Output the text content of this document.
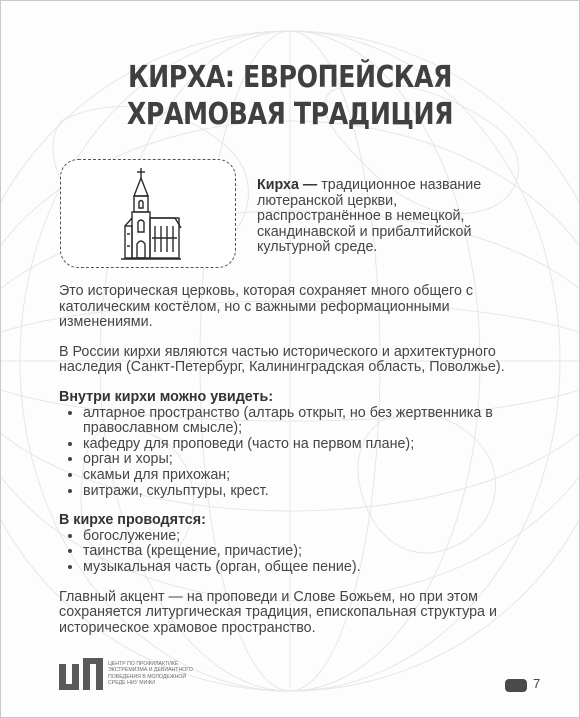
КИРХА: ЕВРОПЕЙСКАЯ ХРАМОВАЯ ТРАДИЦИЯ
Кирха — традиционное название лютеранской церкви, распространённое в немецкой, скандинавской и прибалтийской культурной среде.

Это историческая церковь, которая сохраняет много общего с католическим костёлом, но с важными реформационными изменениями.

В России кирхи являются частью исторического и архитектурного наследия (Санкт-Петербург, Калининградская область, Поволжье).

Внутри кирхи можно увидеть:

• алтарное пространство (алтарь открыт, но без жертвенника в православном смысле);
• кафедру для проповеди (часто на первом плане);
• орган и хоры;
• скамьи для прихожан;
• витражи, скульптуры, крест.

В кирхе проводятся:

• богослужение;
• таинства (крещение, причастие);
• музыкальная часть (орган, общее пение).

Главный акцент — на проповеди и Слове Божьем, но при этом сохраняется литургическая традиция, епископальная структура и историческое храмовое пространство.

ЦЕНТР ПО ПРОФИЛАКТИКЕ ЭКСТРЕМИЗМА И ДЕВИАНТНОГО ПОВЕДЕНИЯ В МОЛОДЕЖНОЙ СРЕДЕ НИУ МИФИ	7
